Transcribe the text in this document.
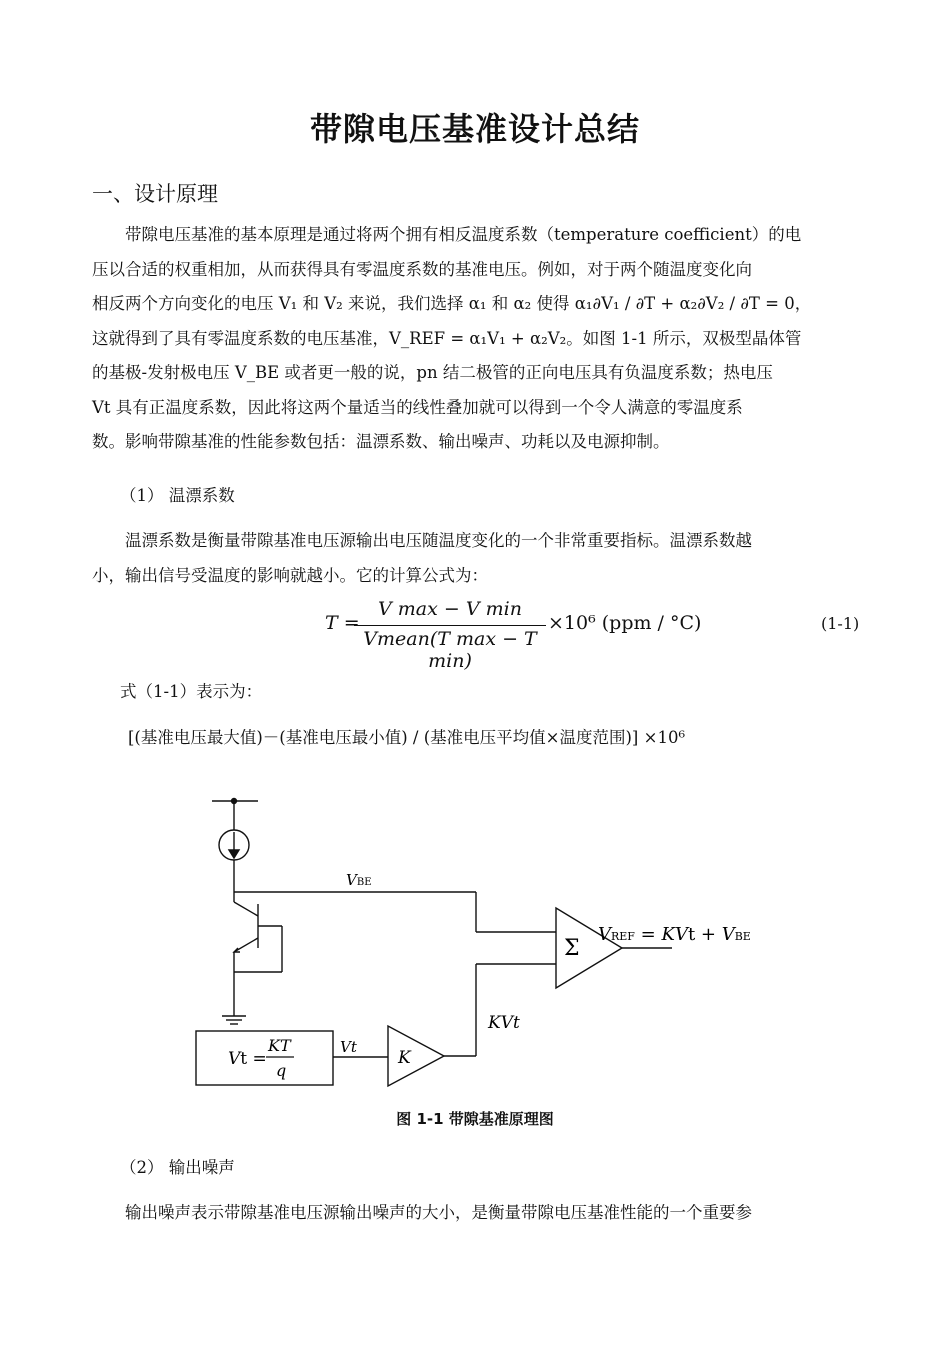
带隙电压基准设计总结
一、设计原理
　　带隙电压基准的基本原理是通过将两个拥有相反温度系数（temperature coefficient）的电
压以合适的权重相加，从而获得具有零温度系数的基准电压。例如，对于两个随温度变化向
相反两个方向变化的电压 V₁ 和 V₂ 来说，我们选择 α₁ 和 α₂ 使得 α₁∂V₁ / ∂T + α₂∂V₂ / ∂T = 0，
这就得到了具有零温度系数的电压基准，V_REF = α₁V₁ + α₂V₂。如图 1-1 所示，双极型晶体管
的基极-发射极电压 V_BE 或者更一般的说，pn 结二极管的正向电压具有负温度系数；热电压
Vt 具有正温度系数，因此将这两个量适当的线性叠加就可以得到一个令人满意的零温度系
数。影响带隙基准的性能参数包括：温漂系数、输出噪声、功耗以及电源抑制。
（1） 温漂系数
　　温漂系数是衡量带隙基准电压源输出电压随温度变化的一个非常重要指标。温漂系数越
小，输出信号受温度的影响就越小。它的计算公式为：
T =
V max − V min
Vmean(T max − T min)
×10⁶ (ppm / °C)	(1-1)
式（1-1）表示为：
[(基准电压最大值)－(基准电压最小值) / (基准电压平均值×温度范围)] ×10⁶
VBE
Σ
VREF = KVt + VBE
KVt
Vt =
KT
q
Vt
K
图 1-1 带隙基准原理图
（2） 输出噪声
　　输出噪声表示带隙基准电压源输出噪声的大小，是衡量带隙电压基准性能的一个重要参
